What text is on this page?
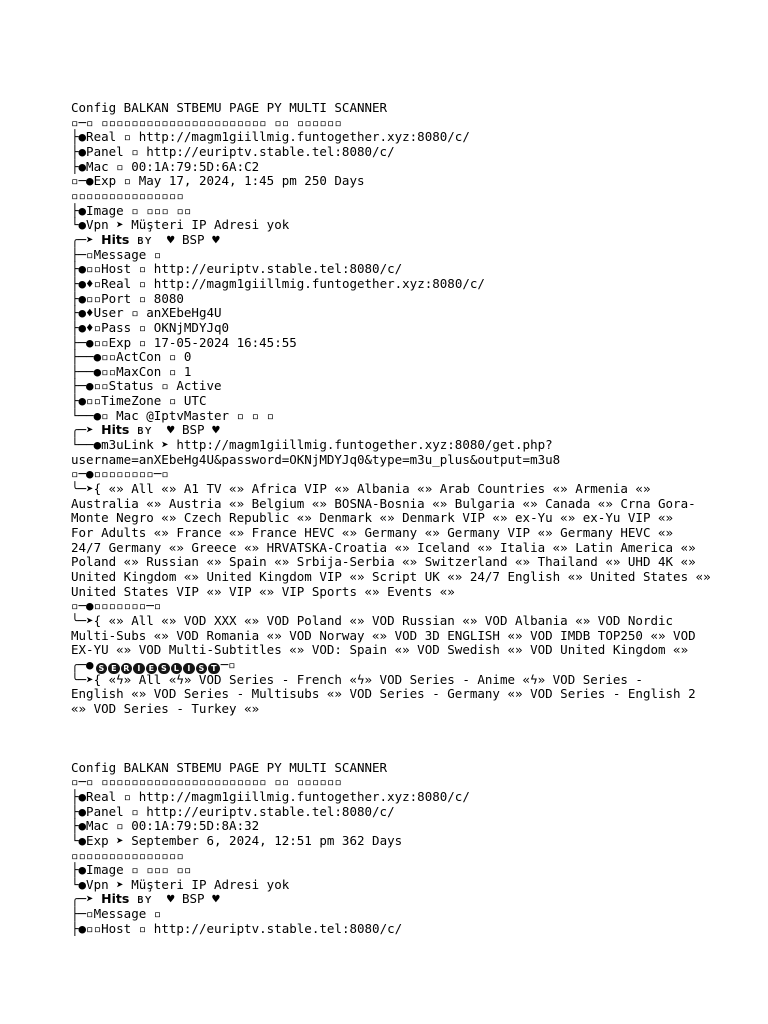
Config BALKAN STBEMU PAGE PY MULTI SCANNER
▫─▫ ▫▫▫▫▫▫▫▫▫▫▫▫▫▫▫▫▫▫▫▫▫▫ ▫▫ ▫▫▫▫▫▫
├●Real ▫ http://magm1giillmig.funtogether.xyz:8080/c/
├●Panel ▫ http://euriptv.stable.tel:8080/c/
├●Mac ▫ 00:1A:79:5D:6A:C2
▫─●Exp ▫ May 17, 2024, 1:45 pm 250 Days
▫▫▫▫▫▫▫▫▫▫▫▫▫▫▫
├●Image ▫ ▫▫▫ ▫▫
└●Vpn ➤ Müşteri IP Adresi yok
╭─➤ Hits ʙʏ  ♥ BSP ♥
├─▫Message ▫
├●▫▫Host ▫ http://euriptv.stable.tel:8080/c/
├●♦▫Real ▫ http://magm1giillmig.funtogether.xyz:8080/c/
├●▫▫Port ▫ 8080
├●♦User ▫ anXEbeHg4U
├●♦▫Pass ▫ OKNjMDYJq0
├─●▫▫Exp ▫ 17-05-2024 16:45:55
├──●▫▫ActCon ▫ 0
├──●▫▫MaxCon ▫ 1
├─●▫▫Status ▫ Active
├●▫▫TimeZone ▫ UTC
└──●▫ Mac @IptvMaster ▫ ▫ ▫
╭─➤ Hits ʙʏ  ♥ BSP ♥
└──●m3uLink ➤ http://magm1giillmig.funtogether.xyz:8080/get.php?
username=anXEbeHg4U&password=OKNjMDYJq0&type=m3u_plus&output=m3u8
▫─●▫▫▫▫▫▫▫▫─▫
╰─➤{ «» All «» A1 TV «» Africa VIP «» Albania «» Arab Countries «» Armenia «»
Australia «» Austria «» Belgium «» BOSNA-Bosnia «» Bulgaria «» Canada «» Crna Gora-
Monte Negro «» Czech Republic «» Denmark «» Denmark VIP «» ex-Yu «» ex-Yu VIP «»
For Adults «» France «» France HEVC «» Germany «» Germany VIP «» Germany HEVC «»
24/7 Germany «» Greece «» HRVATSKA-Croatia «» Iceland «» Italia «» Latin America «»
Poland «» Russian «» Spain «» Srbija-Serbia «» Switzerland «» Thailand «» UHD 4K «»
United Kingdom «» United Kingdom VIP «» Script UK «» 24/7 English «» United States «»
United States VIP «» VIP «» VIP Sports «» Events «»
▫─●▫▫▫▫▫▫▫─▫
╰─➤{ «» All «» VOD XXX «» VOD Poland «» VOD Russian «» VOD Albania «» VOD Nordic
Multi-Subs «» VOD Romania «» VOD Norway «» VOD 3D ENGLISH «» VOD IMDB TOP250 «» VOD
EX-YU «» VOD Multi-Subtitles «» VOD: Spain «» VOD Swedish «» VOD United Kingdom «»
╭─● S E R I E S L I S T ─▫
╰─➤{ «ϟ» All «ϟ» VOD Series - French «ϟ» VOD Series - Anime «ϟ» VOD Series -
English «» VOD Series - Multisubs «» VOD Series - Germany «» VOD Series - English 2
«» VOD Series - Turkey «»
Config BALKAN STBEMU PAGE PY MULTI SCANNER
▫─▫ ▫▫▫▫▫▫▫▫▫▫▫▫▫▫▫▫▫▫▫▫▫▫ ▫▫ ▫▫▫▫▫▫
├●Real ▫ http://magm1giillmig.funtogether.xyz:8080/c/
├●Panel ▫ http://euriptv.stable.tel:8080/c/
├●Mac ▫ 00:1A:79:5D:8A:32
└●Exp ➤ September 6, 2024, 12:51 pm 362 Days
▫▫▫▫▫▫▫▫▫▫▫▫▫▫▫
├●Image ▫ ▫▫▫ ▫▫
└●Vpn ➤ Müşteri IP Adresi yok
╭─➤ Hits ʙʏ  ♥ BSP ♥
├─▫Message ▫
├●▫▫Host ▫ http://euriptv.stable.tel:8080/c/
